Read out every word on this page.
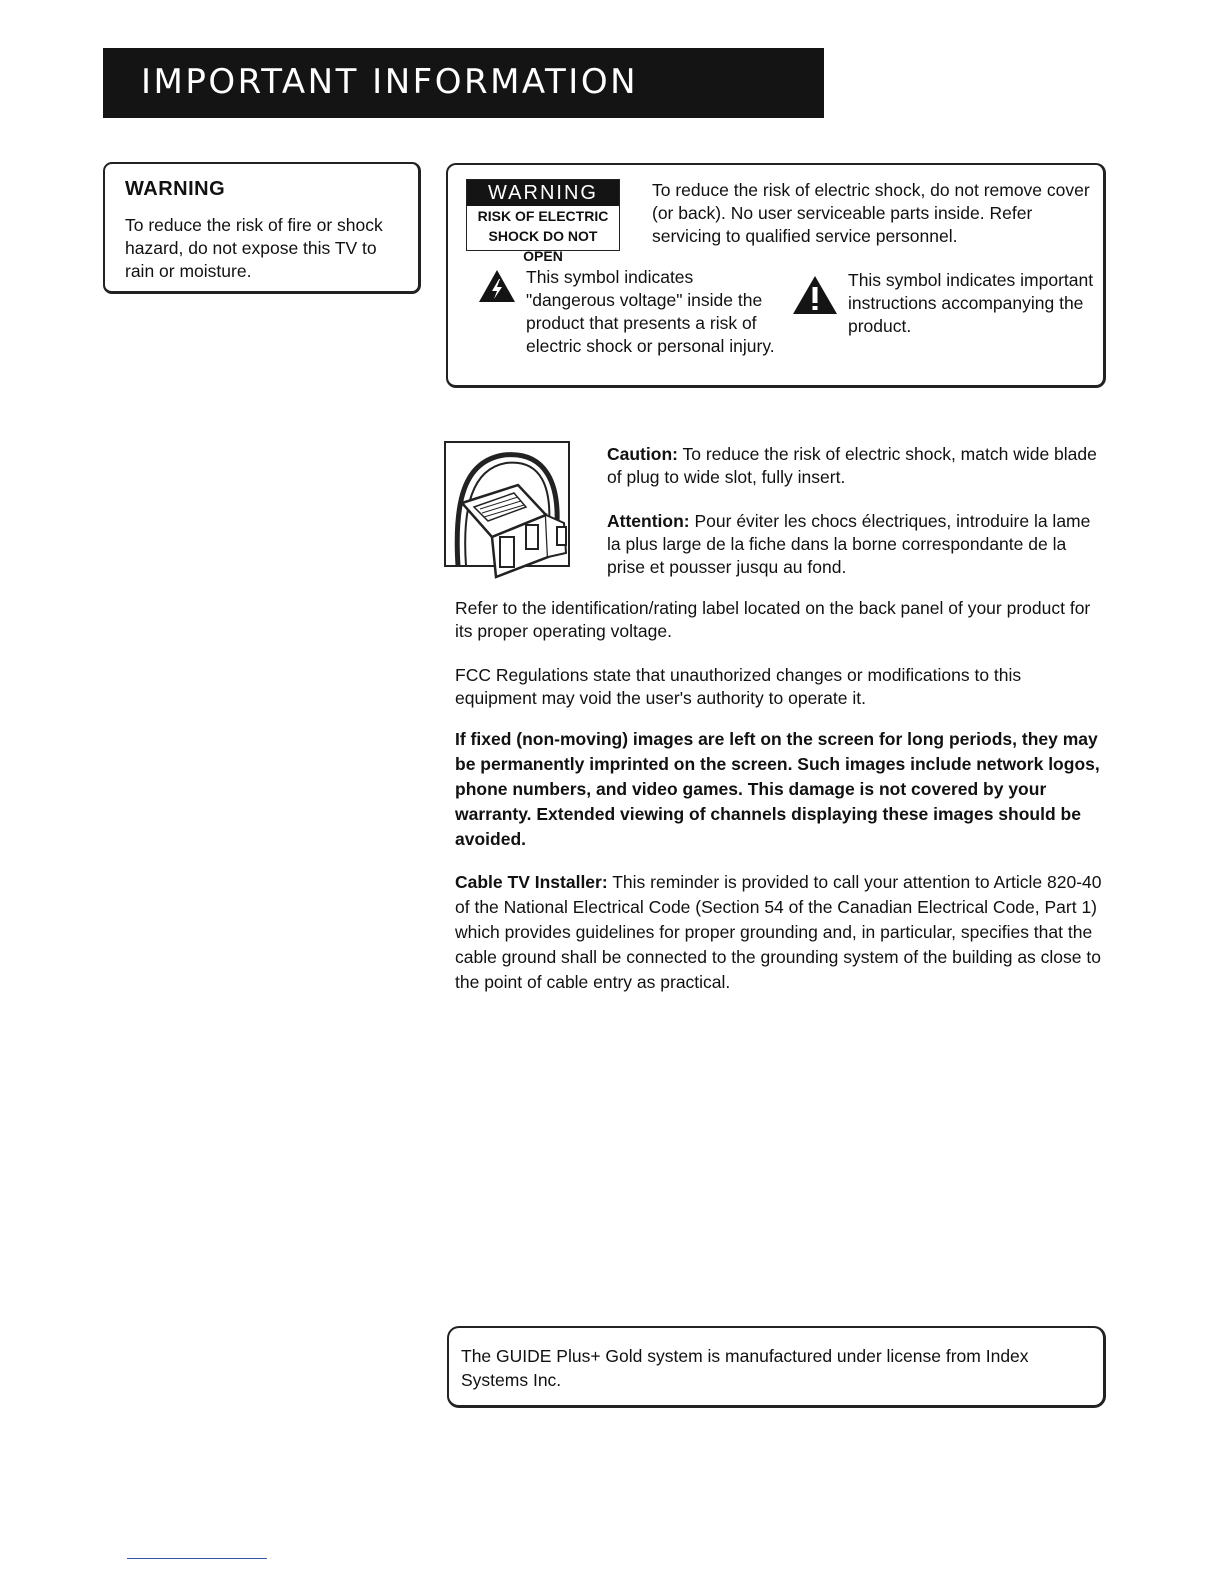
IMPORTANT INFORMATION
WARNING
To reduce the risk of fire or shock hazard, do not expose this TV to rain or moisture.
WARNING
RISK OF ELECTRIC
SHOCK DO NOT OPEN
To reduce the risk of electric shock, do not remove cover (or back). No user serviceable parts inside. Refer servicing to qualified service personnel.
This symbol indicates "dangerous voltage" inside the product that presents a risk of electric shock or personal injury.
This symbol indicates important instructions accompanying the product.
Caution: To reduce the risk of electric shock, match wide blade of plug to wide slot, fully insert.
Attention: Pour éviter les chocs électriques, introduire la lame la plus large de la fiche dans la borne correspondante de la prise et pousser jusqu au fond.
Refer to the identification/rating label located on the back panel of your product for its proper operating voltage.
FCC Regulations state that unauthorized changes or modifications to this equipment may void the user's authority to operate it.
If fixed (non-moving) images are left on the screen for long periods, they may be permanently imprinted on the screen. Such images include network logos, phone numbers, and video games. This damage is not covered by your warranty. Extended viewing of channels displaying these images should be avoided.
Cable TV Installer: This reminder is provided to call your attention to Article 820-40 of the National Electrical Code (Section 54 of the Canadian Electrical Code, Part 1) which provides guidelines for proper grounding and, in particular, specifies that the cable ground shall be connected to the grounding system of the building as close to the point of cable entry as practical.
The GUIDE Plus+ Gold system is manufactured under license from Index Systems Inc.
